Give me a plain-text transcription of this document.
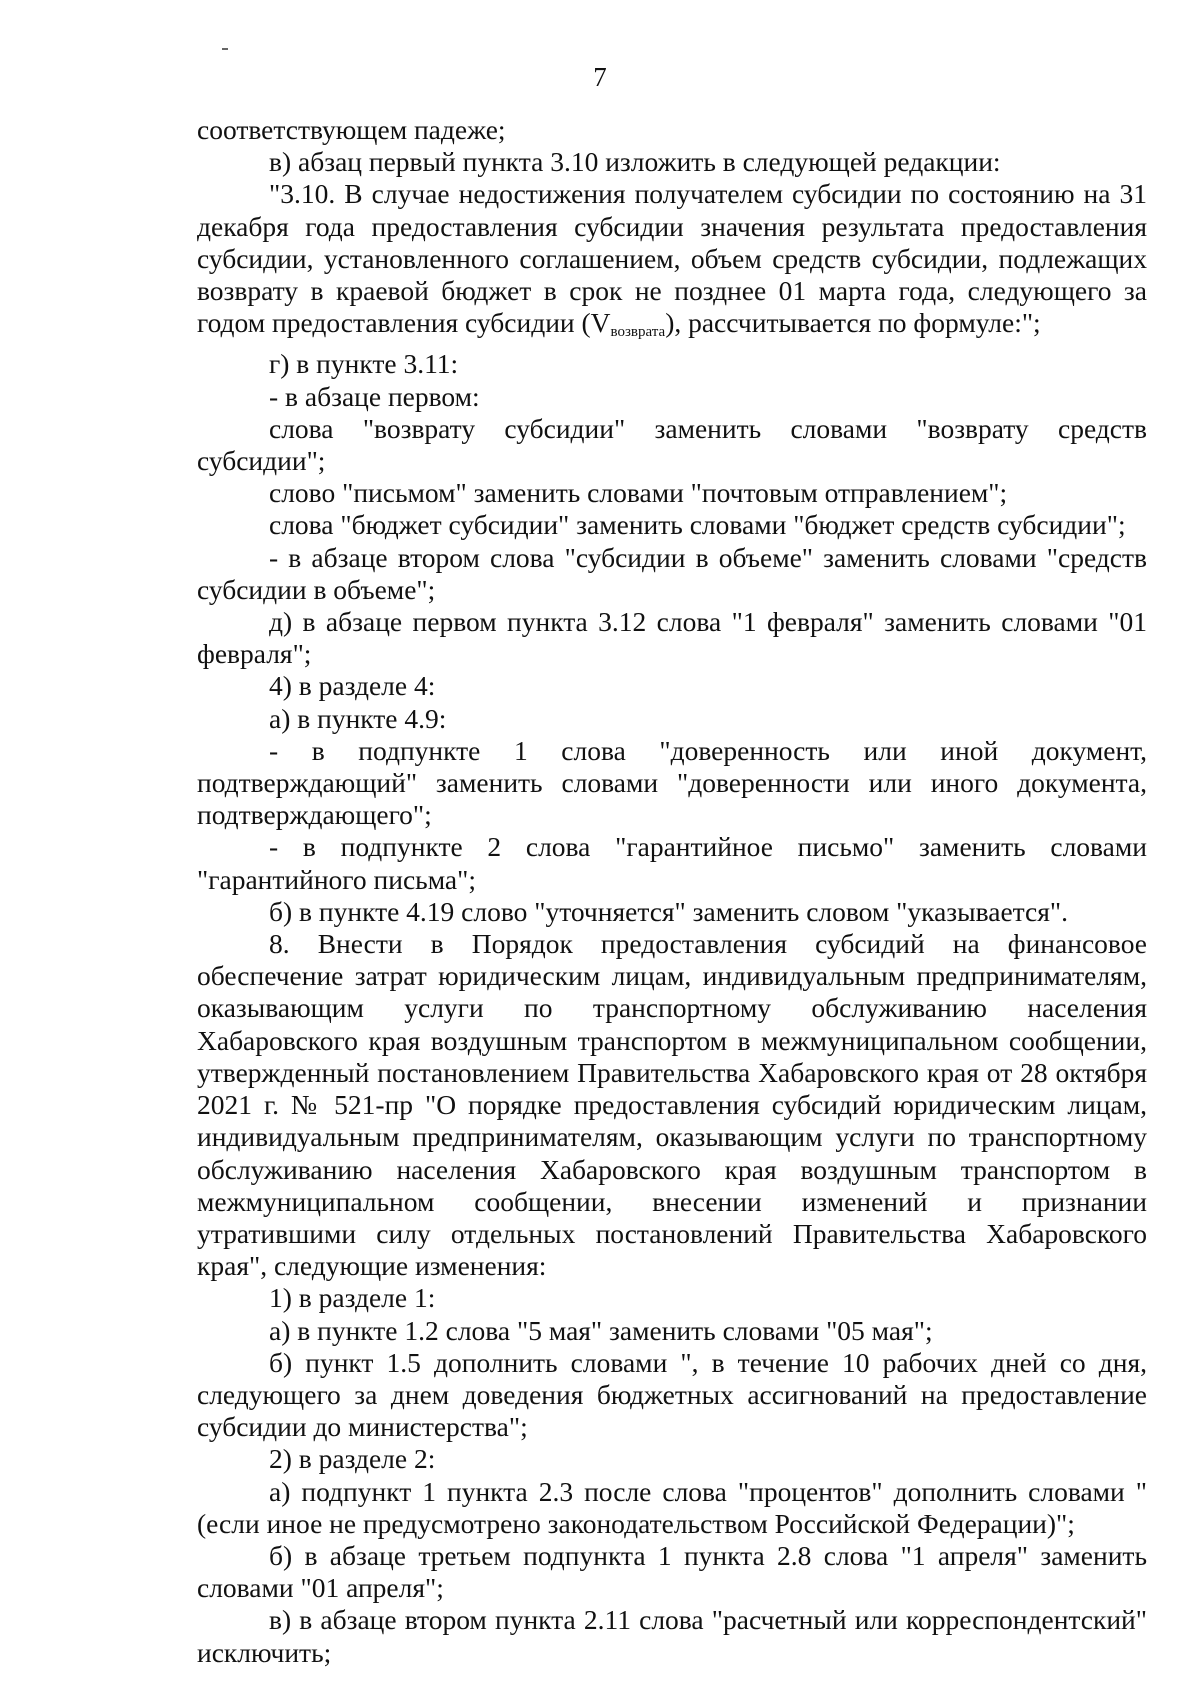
7

соответствующем падеже;

в) абзац первый пункта 3.10 изложить в следующей редакции:

"3.10. В случае недостижения получателем субсидии по состоянию на 31 декабря года предоставления субсидии значения результата предоставления субсидии, установленного соглашением, объем средств субсидии, подлежащих возврату в краевой бюджет в срок не позднее 01 марта года, следующего за годом предоставления субсидии $(V_{возврата})$, рассчитывается по формуле:";

г) в пункте 3.11:

- в абзаце первом:

слова "возврату субсидии" заменить словами "возврату средств субсидии";

слово "письмом" заменить словами "почтовым отправлением";

слова "бюджет субсидии" заменить словами "бюджет средств субсидии";

- в абзаце втором слова "субсидии в объеме" заменить словами "средств субсидии в объеме";

д) в абзаце первом пункта 3.12 слова "1 февраля" заменить словами "01 февраля";

4) в разделе 4:

а) в пункте 4.9:

- в подпункте 1 слова "доверенность или иной документ, подтверждающий" заменить словами "доверенности или иного документа, подтверждающего";

- в подпункте 2 слова "гарантийное письмо" заменить словами "гарантийного письма";

б) в пункте 4.19 слово "уточняется" заменить словом "указывается".

8. Внести в Порядок предоставления субсидий на финансовое обеспечение затрат юридическим лицам, индивидуальным предпринимателям, оказывающим услуги по транспортному обслуживанию населения Хабаровского края воздушным транспортом в межмуниципальном сообщении, утвержденный постановлением Правительства Хабаровского края от 28 октября 2021 г. № 521-пр "О порядке предоставления субсидий юридическим лицам, индивидуальным предпринимателям, оказывающим услуги по транспортному обслуживанию населения Хабаровского края воздушным транспортом в межмуниципальном сообщении, внесении изменений и признании утратившими силу отдельных постановлений Правительства Хабаровского края", следующие изменения:

1) в разделе 1:

а) в пункте 1.2 слова "5 мая" заменить словами "05 мая";

б) пункт 1.5 дополнить словами ", в течение 10 рабочих дней со дня, следующего за днем доведения бюджетных ассигнований на предоставление субсидии до министерства";

2) в разделе 2:

а) подпункт 1 пункта 2.3 после слова "процентов" дополнить словами "(если иное не предусмотрено законодательством Российской Федерации)";

б) в абзаце третьем подпункта 1 пункта 2.8 слова "1 апреля" заменить словами "01 апреля";

в) в абзаце втором пункта 2.11 слова "расчетный или корреспондентский" исключить;
